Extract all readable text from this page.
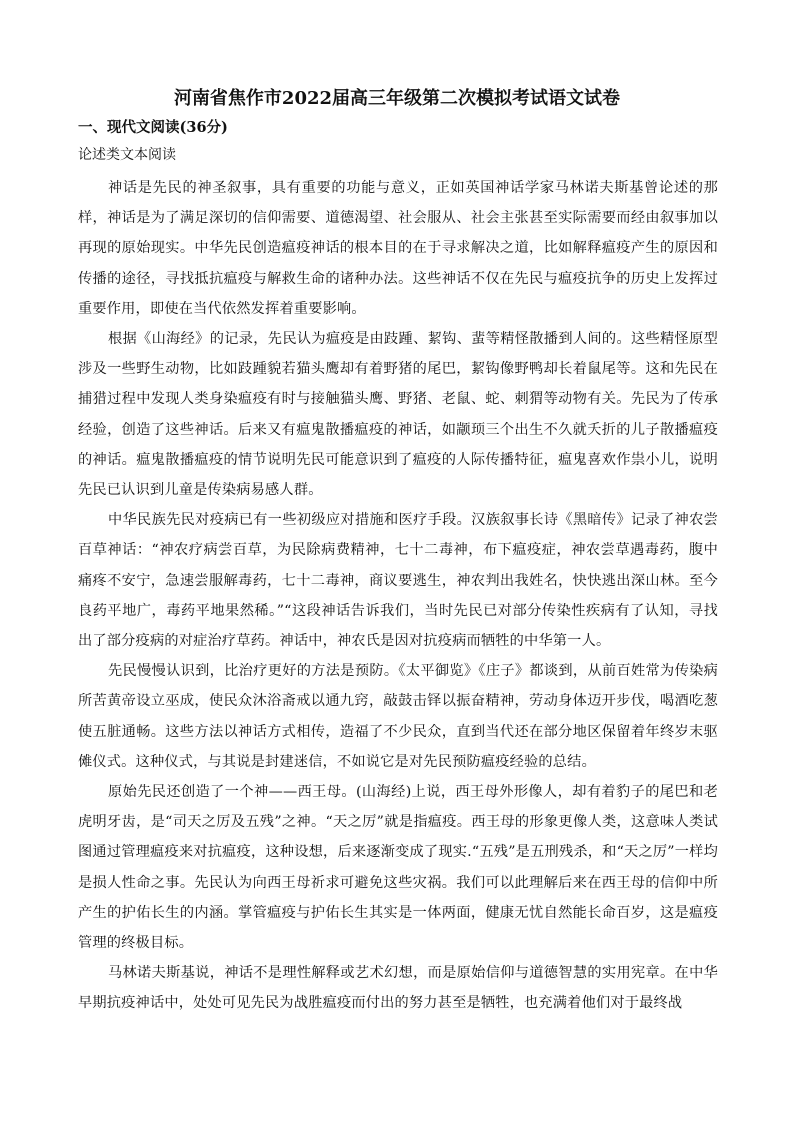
河南省焦作市2022届高三年级第二次模拟考试语文试卷
一、现代文阅读(36分)
论述类文本阅读

神话是先民的神圣叙事，具有重要的功能与意义，正如英国神话学家马林诺夫斯基曾论述的那样，神话是为了满足深切的信仰需要、道德渴望、社会服从、社会主张甚至实际需要而经由叙事加以再现的原始现实。中华先民创造瘟疫神话的根本目的在于寻求解决之道，比如解释瘟疫产生的原因和传播的途径，寻找抵抗瘟疫与解救生命的诸种办法。这些神话不仅在先民与瘟疫抗争的历史上发挥过重要作用，即使在当代依然发挥着重要影响。

根据《山海经》的记录，先民认为瘟疫是由跂踵、絜钩、蜚等精怪散播到人间的。这些精怪原型涉及一些野生动物，比如跂踵貌若猫头鹰却有着野猪的尾巴，絜钩像野鸭却长着鼠尾等。这和先民在捕猎过程中发现人类身染瘟疫有时与接触猫头鹰、野猪、老鼠、蛇、刺猬等动物有关。先民为了传承经验，创造了这些神话。后来又有瘟鬼散播瘟疫的神话，如颛顼三个出生不久就夭折的儿子散播瘟疫的神话。瘟鬼散播瘟疫的情节说明先民可能意识到了瘟疫的人际传播特征，瘟鬼喜欢作祟小儿，说明先民已认识到儿童是传染病易感人群。

中华民族先民对疫病已有一些初级应对措施和医疗手段。汉族叙事长诗《黑暗传》记录了神农尝百草神话：“神农疗病尝百草，为民除病费精神，七十二毒神，布下瘟疫症，神农尝草遇毒药，腹中痛疼不安宁，急速尝服解毒药，七十二毒神，商议要逃生，神农判出我姓名，快快逃出深山林。至今良药平地广，毒药平地果然稀。”“这段神话告诉我们，当时先民已对部分传染性疾病有了认知，寻找出了部分疫病的对症治疗草药。神话中，神农氏是因对抗疫病而牺牲的中华第一人。

先民慢慢认识到，比治疗更好的方法是预防。《太平御览》《庄子》都谈到，从前百姓常为传染病所苦黄帝设立巫成，使民众沐浴斋戒以通九窍，敲鼓击铎以振奋精神，劳动身体迈开步伐，喝酒吃葱使五脏通畅。这些方法以神话方式相传，造福了不少民众，直到当代还在部分地区保留着年终岁末驱傩仪式。这种仪式，与其说是封建迷信，不如说它是对先民预防瘟疫经验的总结。

原始先民还创造了一个神——西王母。(山海经)上说，西王母外形像人，却有着豹子的尾巴和老虎明牙齿，是“司天之厉及五残”之神。“天之厉”就是指瘟疫。西王母的形象更像人类，这意味人类试图通过管理瘟疫来对抗瘟疫，这种设想，后来逐渐变成了现实.“五残”是五刑残杀，和“天之厉”一样均是损人性命之事。先民认为向西王母祈求可避免这些灾祸。我们可以此理解后来在西王母的信仰中所产生的护佑长生的内涵。掌管瘟疫与护佑长生其实是一体两面，健康无忧自然能长命百岁，这是瘟疫管理的终极目标。

马林诺夫斯基说，神话不是理性解释或艺术幻想，而是原始信仰与道德智慧的实用宪章。在中华早期抗疫神话中，处处可见先民为战胜瘟疫而付出的努力甚至是牺牲，也充满着他们对于最终战
